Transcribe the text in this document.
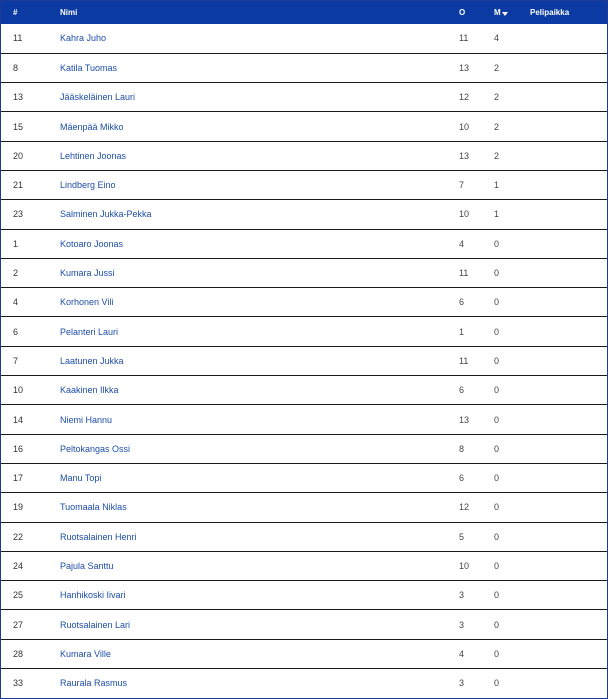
#	Nimi	O	M	Pelipaikka
11	Kahra Juho	11	4	
8	Katila Tuomas	13	2	
13	Jääskeläinen Lauri	12	2	
15	Mäenpää Mikko	10	2	
20	Lehtinen Joonas	13	2	
21	Lindberg Eino	7	1	
23	Salminen Jukka-Pekka	10	1	
1	Kotoaro Joonas	4	0	
2	Kumara Jussi	11	0	
4	Korhonen Vili	6	0	
6	Pelanteri Lauri	1	0	
7	Laatunen Jukka	11	0	
10	Kaakinen Ilkka	6	0	
14	Niemi Hannu	13	0	
16	Peltokangas Ossi	8	0	
17	Manu Topi	6	0	
19	Tuomaala Niklas	12	0	
22	Ruotsalainen Henri	5	0	
24	Pajula Santtu	10	0	
25	Hanhikoski Iivari	3	0	
27	Ruotsalainen Lari	3	0	
28	Kumara Ville	4	0	
33	Raurala Rasmus	3	0	
